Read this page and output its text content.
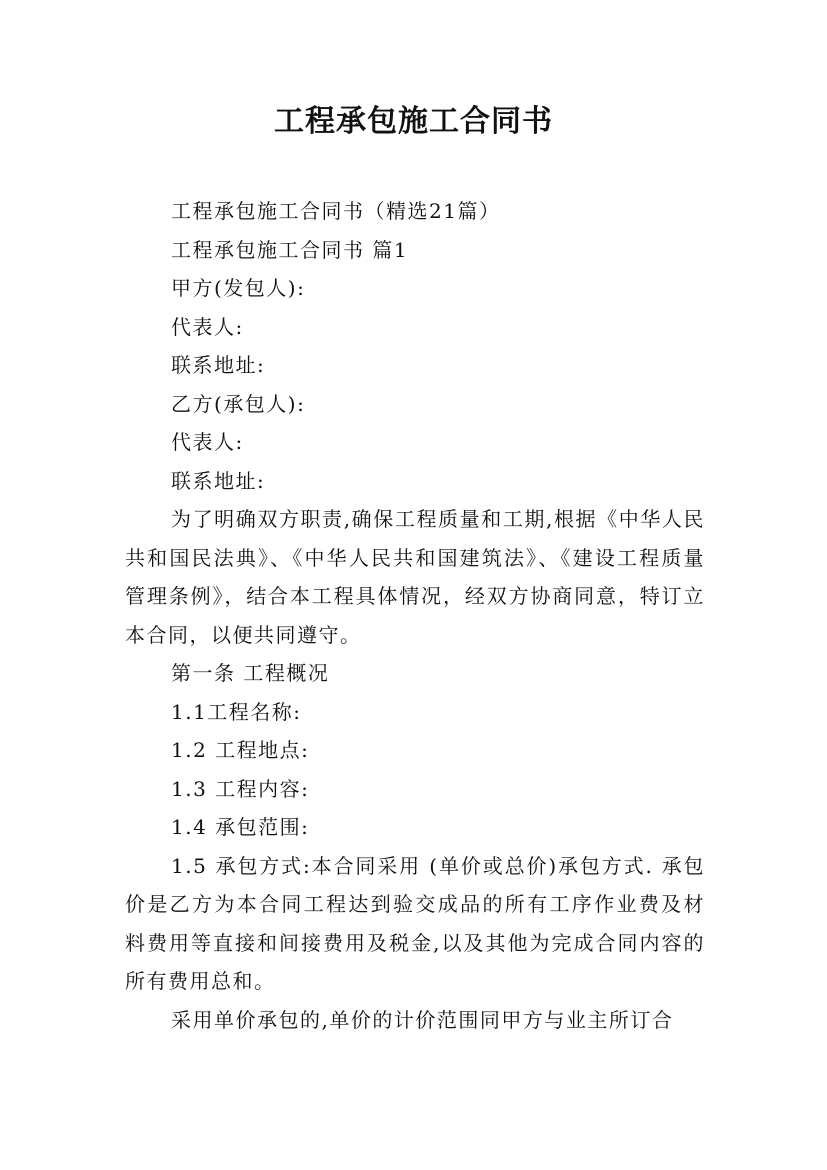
工程承包施工合同书

工程承包施工合同书（精选21篇）

工程承包施工合同书 篇1

甲方(发包人):

代表人:

联系地址:

乙方(承包人):

代表人:

联系地址:

为了明确双方职责,确保工程质量和工期,根据《中华人民共和国民法典》、《中华人民共和国建筑法》、《建设工程质量管理条例》，结合本工程具体情况，经双方协商同意，特订立本合同，以便共同遵守。

第一条 工程概况

1.1工程名称:

1.2 工程地点:

1.3 工程内容:

1.4 承包范围:

1.5 承包方式:本合同采用 (单价或总价)承包方式. 承包价是乙方为本合同工程达到验交成品的所有工序作业费及材料费用等直接和间接费用及税金,以及其他为完成合同内容的所有费用总和。

采用单价承包的,单价的计价范围同甲方与业主所订合
